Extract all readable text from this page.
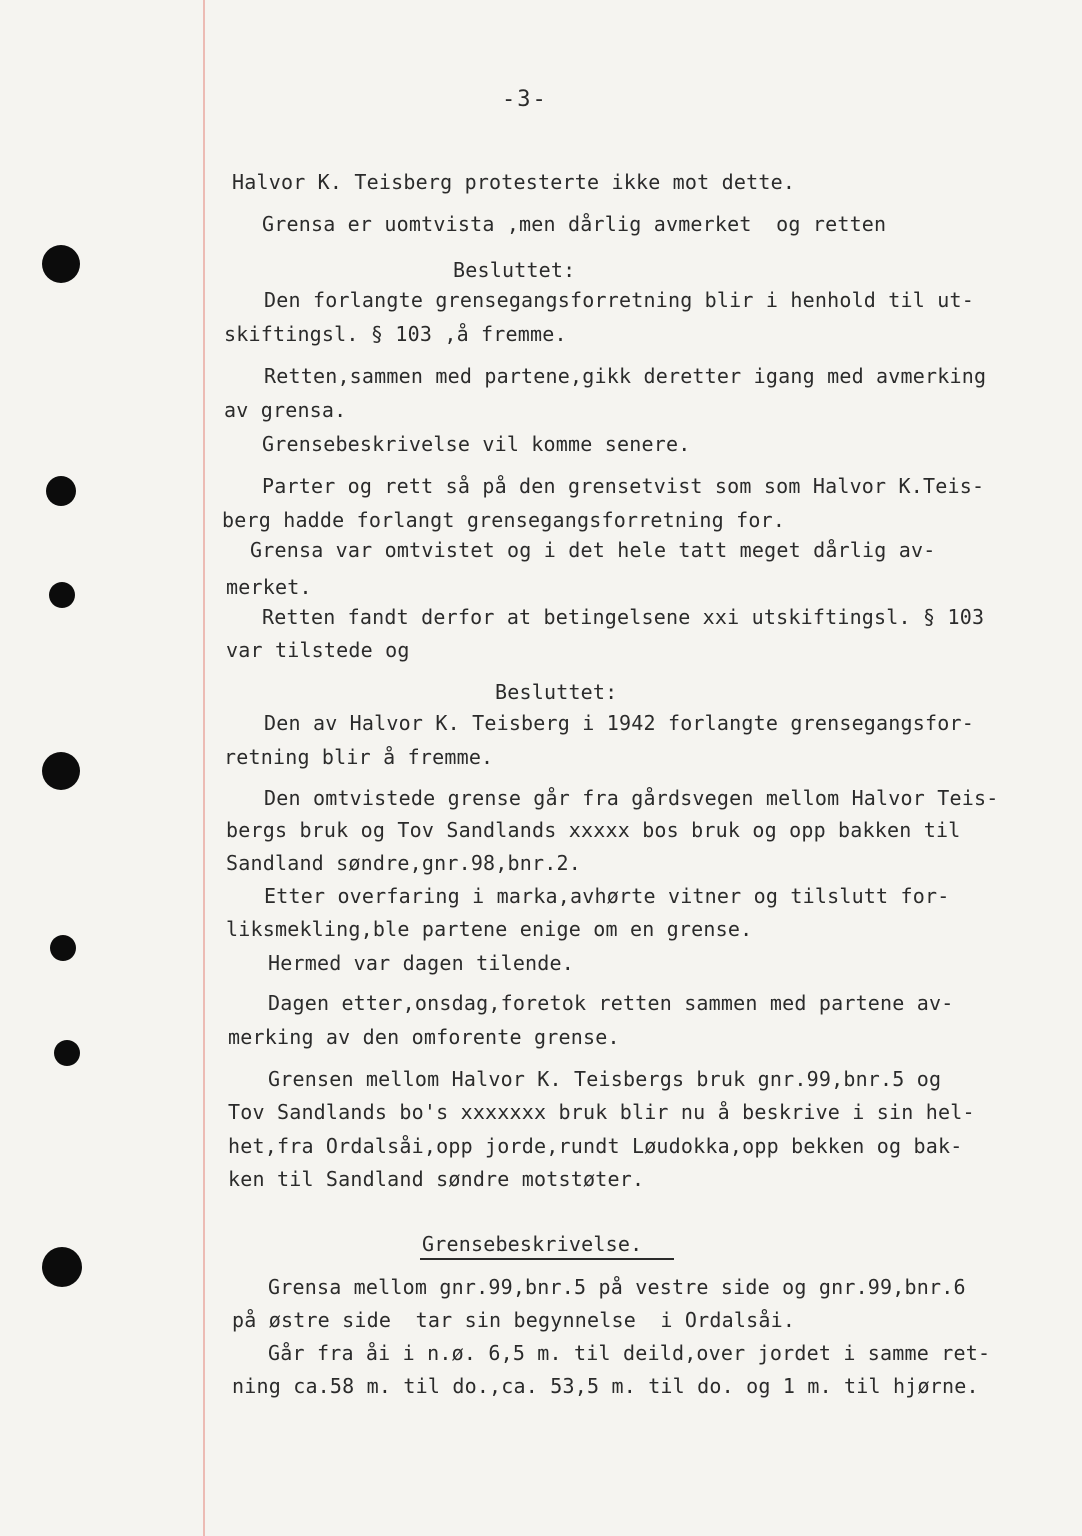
-3-
Halvor K. Teisberg protesterte ikke mot dette.
Grensa er uomtvista ,men dårlig avmerket  og retten
Besluttet:
Den forlangte grensegangsforretning blir i henhold til ut-
skiftingsl. § 103 ,å fremme.
Retten,sammen med partene,gikk deretter igang med avmerking
av grensa.
Grensebeskrivelse vil komme senere.
Parter og rett så på den grensetvist som som Halvor K.Teis-
berg hadde forlangt grensegangsforretning for.
Grensa var omtvistet og i det hele tatt meget dårlig av-
merket.
Retten fandt derfor at betingelsene xxi utskiftingsl. § 103
var tilstede og
Besluttet:
Den av Halvor K. Teisberg i 1942 forlangte grensegangsfor-
retning blir å fremme.
Den omtvistede grense går fra gårdsvegen mellom Halvor Teis-
bergs bruk og Tov Sandlands xxxxx bos bruk og opp bakken til
Sandland søndre,gnr.98,bnr.2.
Etter overfaring i marka,avhørte vitner og tilslutt for-
liksmekling,ble partene enige om en grense.
Hermed var dagen tilende.
Dagen etter,onsdag,foretok retten sammen med partene av-
merking av den omforente grense.
Grensen mellom Halvor K. Teisbergs bruk gnr.99,bnr.5 og
Tov Sandlands bo's xxxxxxx bruk blir nu å beskrive i sin hel-
het,fra Ordalsåi,opp jorde,rundt Løudokka,opp bekken og bak-
ken til Sandland søndre motstøter.
Grensebeskrivelse.
Grensa mellom gnr.99,bnr.5 på vestre side og gnr.99,bnr.6
på østre side  tar sin begynnelse  i Ordalsåi.
Går fra åi i n.ø. 6,5 m. til deild,over jordet i samme ret-
ning ca.58 m. til do.,ca. 53,5 m. til do. og 1 m. til hjørne.
